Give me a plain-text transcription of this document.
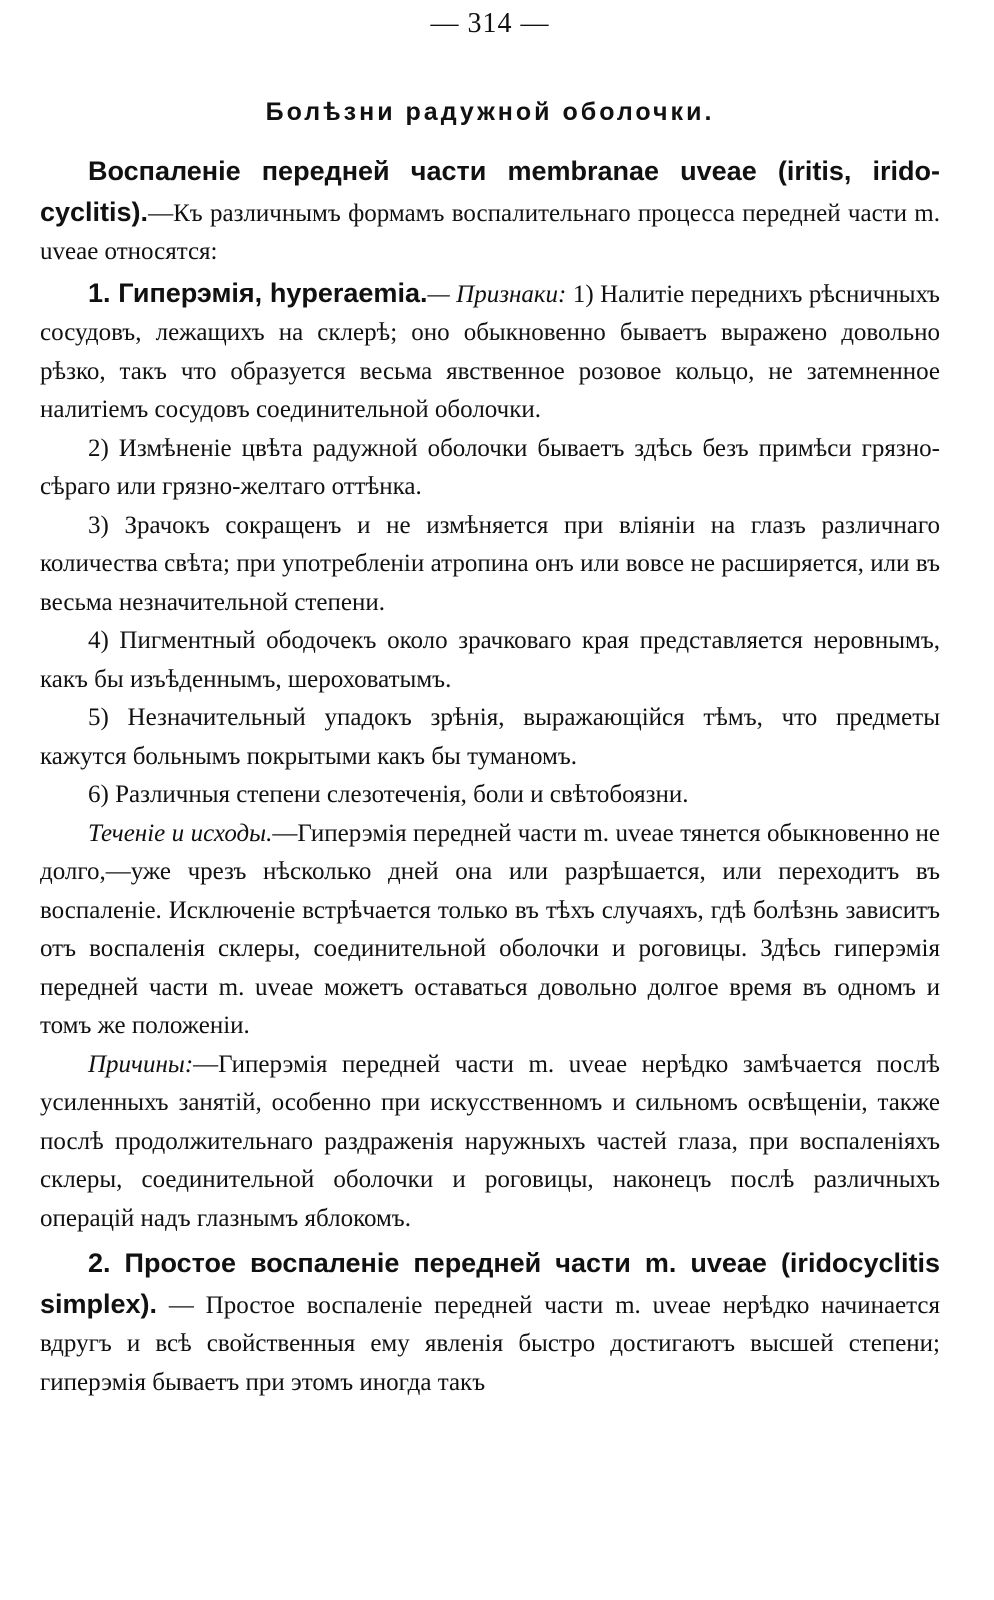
— 314 —
Болѣзни радужной оболочки.

Воспаленіе передней части membranae uveae (iritis, irido-cyclitis).—Къ различнымъ формамъ воспалительнаго процесса передней части m. uveae относятся:

1. Гиперэмія, hyperaemia.— Признаки: 1) Налитіе переднихъ рѣсничныхъ сосудовъ, лежащихъ на склерѣ; оно обыкновенно бываетъ выражено довольно рѣзко, такъ что образуется весьма явственное розовое кольцо, не затемненное налитіемъ сосудовъ соединительной оболочки.

2) Измѣненіе цвѣта радужной оболочки бываетъ здѣсь безъ примѣси грязно-сѣраго или грязно-желтаго оттѣнка.

3) Зрачокъ сокращенъ и не измѣняется при вліяніи на глазъ различнаго количества свѣта; при употребленіи атропина онъ или вовсе не расширяется, или въ весьма незначительной степени.

4) Пигментный ободочекъ около зрачковаго края представляется неровнымъ, какъ бы изъѣденнымъ, шероховатымъ.

5) Незначительный упадокъ зрѣнія, выражающійся тѣмъ, что предметы кажутся больнымъ покрытыми какъ бы туманомъ.

6) Различныя степени слезотеченія, боли и свѣтобоязни.

Теченіе и исходы.—Гиперэмія передней части m. uveae тянется обыкновенно не долго,—уже чрезъ нѣсколько дней она или разрѣшается, или переходитъ въ воспаленіе. Исключеніе встрѣчается только въ тѣхъ случаяхъ, гдѣ болѣзнь зависитъ отъ воспаленія склеры, соединительной оболочки и роговицы. Здѣсь гиперэмія передней части m. uveae можетъ оставаться довольно долгое время въ одномъ и томъ же положеніи.

Причины:—Гиперэмія передней части m. uveae нерѣдко замѣчается послѣ усиленныхъ занятій, особенно при искусственномъ и сильномъ освѣщеніи, также послѣ продолжительнаго раздраженія наружныхъ частей глаза, при воспаленіяхъ склеры, соединительной оболочки и роговицы, наконецъ послѣ различныхъ операцій надъ глазнымъ яблокомъ.

2. Простое воспаленіе передней части m. uveae (iridocyclitis simplex). — Простое воспаленіе передней части m. uveae нерѣдко начинается вдругъ и всѣ свойственныя ему явленія быстро достигаютъ высшей степени; гиперэмія бываетъ при этомъ иногда такъ
